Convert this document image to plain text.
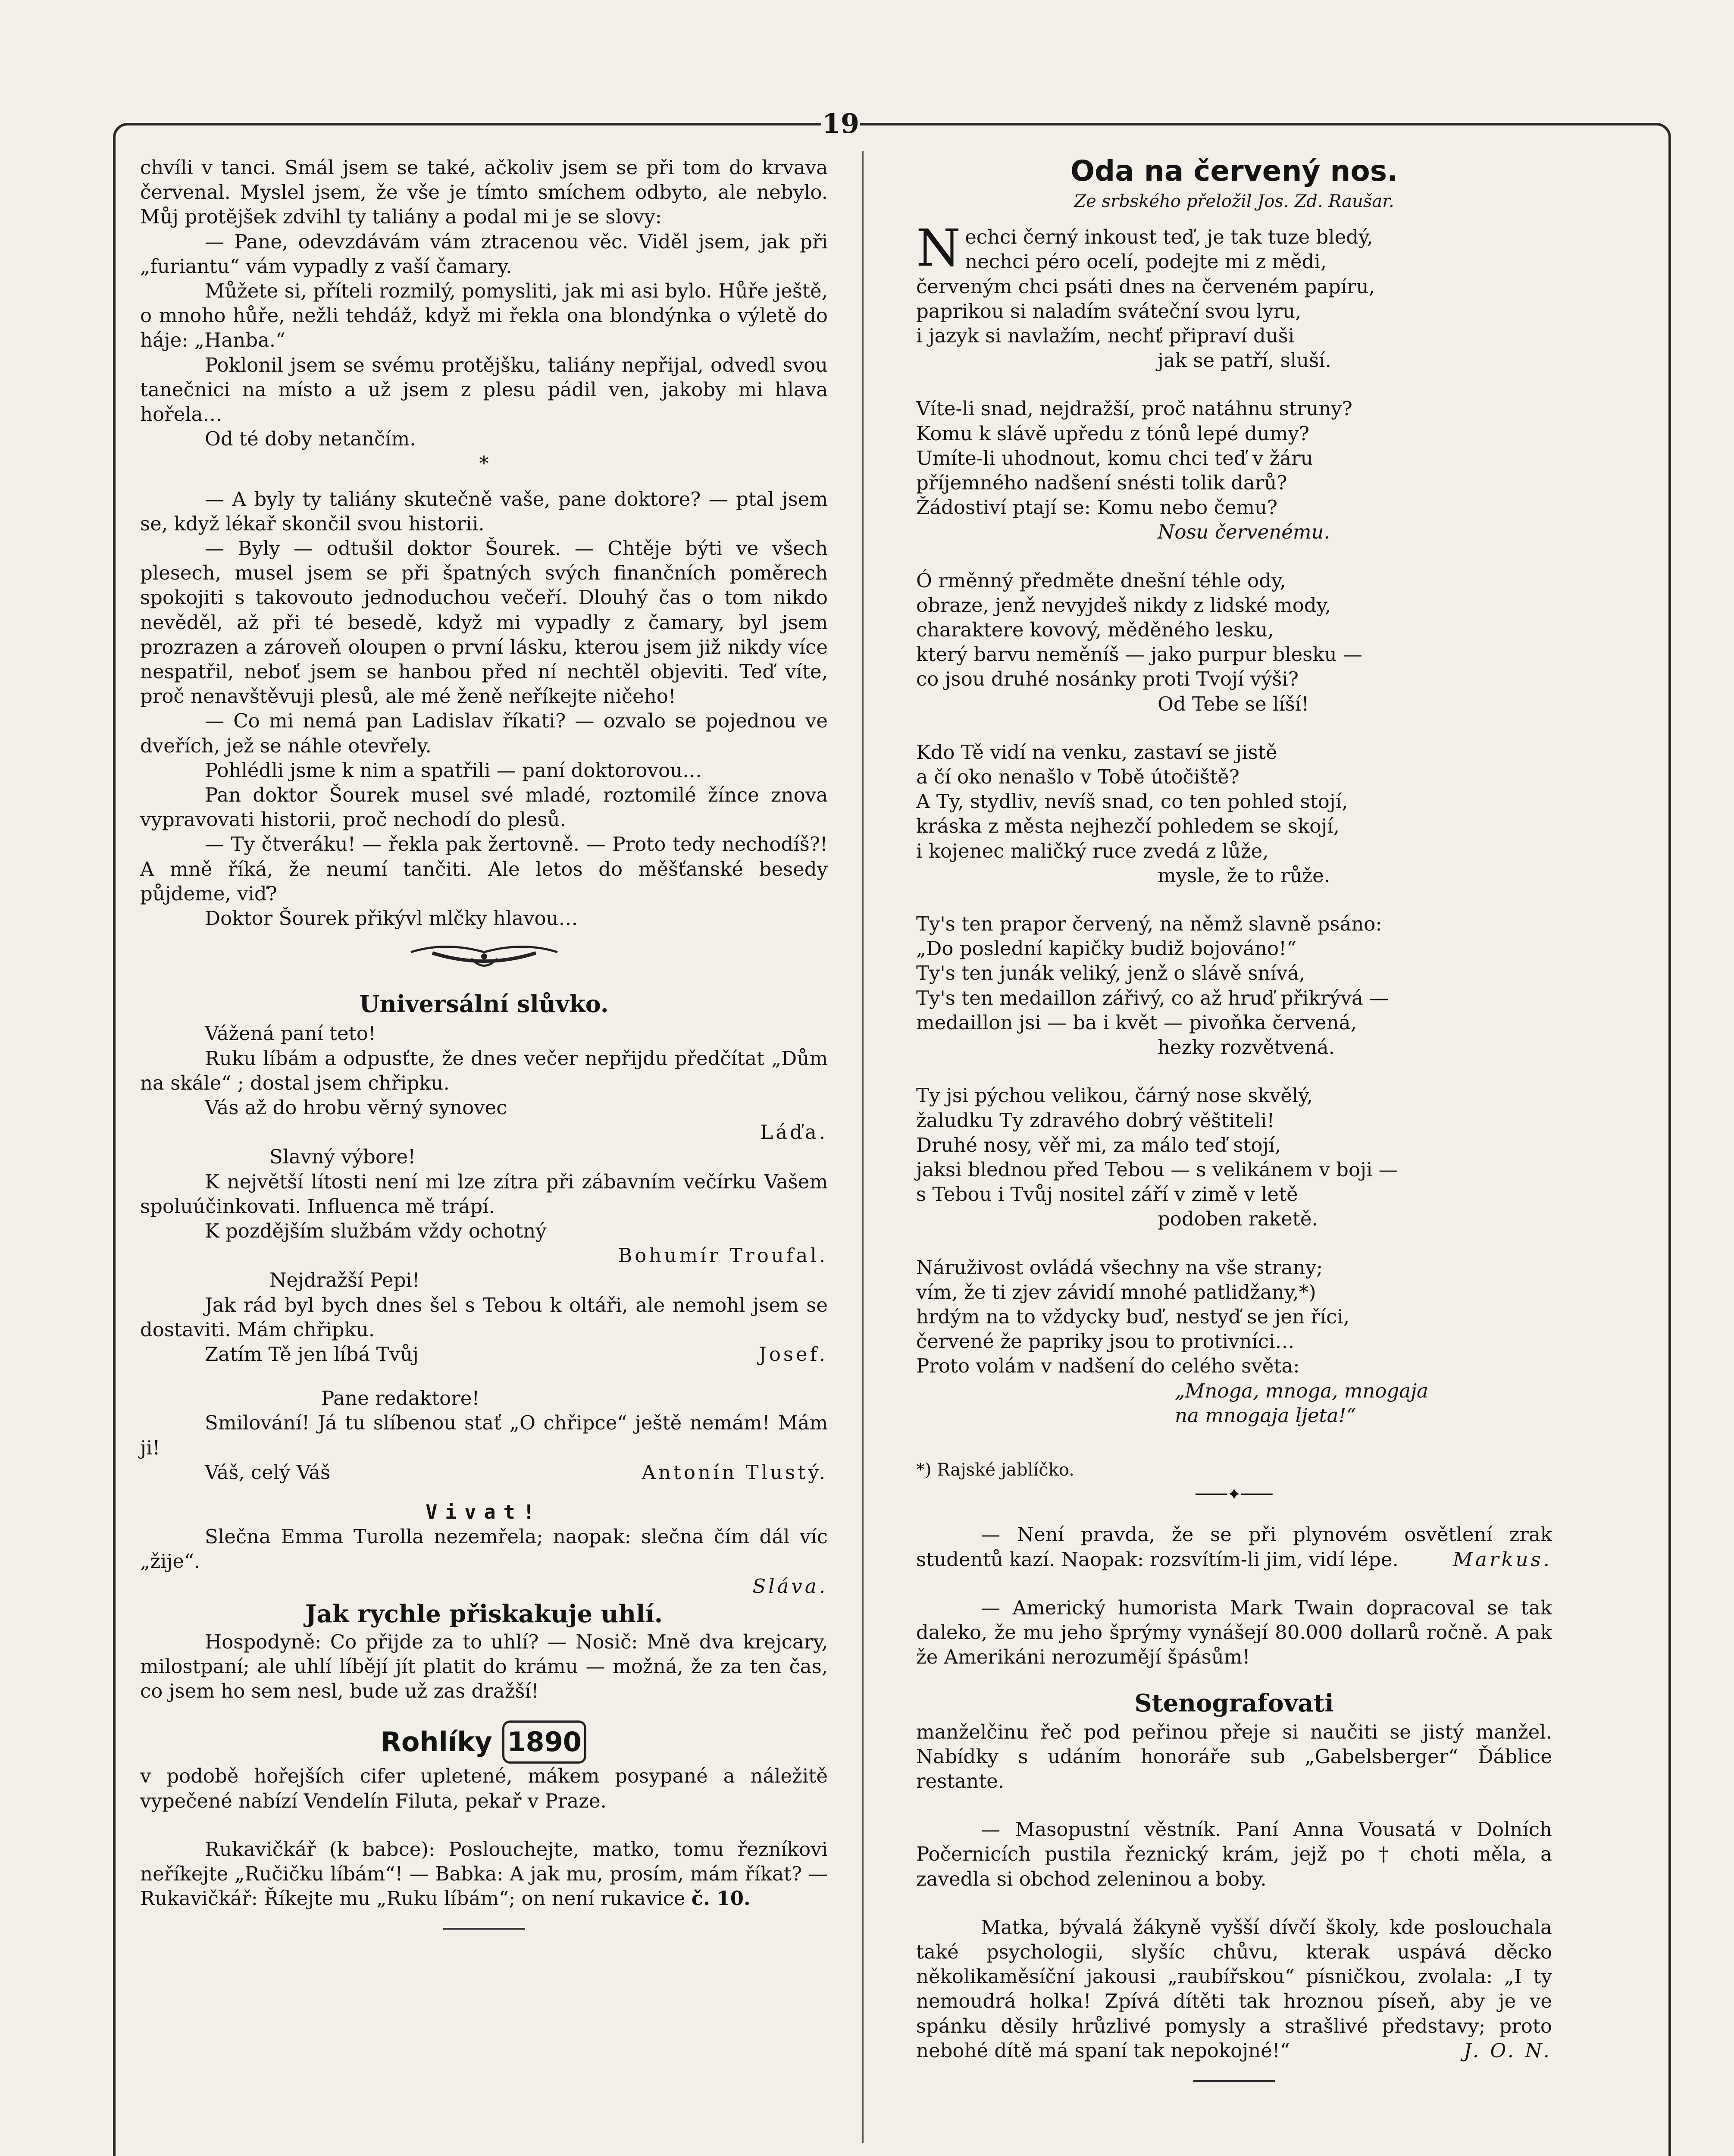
19

chvíli v tanci. Smál jsem se také, ačkoliv jsem se při tom do krvava červenal. Myslel jsem, že vše je tímto smíchem odbyto, ale nebylo. Můj protějšek zdvihl ty taliány a podal mi je se slovy:

— Pane, odevzdávám vám ztracenou věc. Viděl jsem, jak při „furiantu“ vám vypadly z vaší čamary.

Můžete si, příteli rozmilý, pomysliti, jak mi asi bylo. Hůře ještě, o mnoho hůře, nežli tehdáž, když mi řekla ona blondýnka o výletě do háje: „Hanba.“

Poklonil jsem se svému protějšku, taliány nepřijal, odvedl svou tanečnici na místo a už jsem z plesu pádil ven, jakoby mi hlava hořela…

Od té doby netančím.

*

— A byly ty taliány skutečně vaše, pane doktore? — ptal jsem se, když lékař skončil svou historii.

— Byly — odtušil doktor Šourek. — Chtěje býti ve všech plesech, musel jsem se při špatných svých finančních poměrech spokojiti s takovouto jednoduchou večeří. Dlouhý čas o tom nikdo nevěděl, až při té besedě, když mi vypadly z čamary, byl jsem prozrazen a zároveň oloupen o první lásku, kterou jsem již nikdy více nespatřil, neboť jsem se hanbou před ní nechtěl objeviti. Teď víte, proč nenavštěvuji plesů, ale mé ženě neříkejte ničeho!

— Co mi nemá pan Ladislav říkati? — ozvalo se pojednou ve dveřích, jež se náhle otevřely.

Pohlédli jsme k nim a spatřili — paní doktorovou…

Pan doktor Šourek musel své mladé, roztomilé žínce znova vypravovati historii, proč nechodí do plesů.

— Ty čtveráku! — řekla pak žertovně. — Proto tedy nechodíš?! A mně říká, že neumí tančiti. Ale letos do měšťanské besedy půjdeme, viď?

Doktor Šourek přikývl mlčky hlavou…

Universální slůvko.

Vážená paní teto!

Ruku líbám a odpusťte, že dnes večer nepřijdu předčítat „Dům na skále“ ; dostal jsem chřipku.

Vás až do hrobu věrný synovec

Láďa.

Slavný výbore!

K největší lítosti není mi lze zítra při zábavním večírku Vašem spoluúčinkovati. Influenca mě trápí.

K pozdějším službám vždy ochotný

Bohumír Troufal.

Nejdražší Pepi!

Jak rád byl bych dnes šel s Tebou k oltáři, ale nemohl jsem se dostaviti. Mám chřipku.

Zatím Tě jen líbá Tvůj	Josef.

Pane redaktore!

Smilování! Já tu slíbenou stať „O chřipce“ ještě nemám! Mám ji!

Váš, celý Váš	Antonín Tlustý.

Vivat!

Slečna Emma Turolla nezemřela; naopak: slečna čím dál víc „žije“.

Sláva.

Jak rychle přiskakuje uhlí.

Hospodyně: Co přijde za to uhlí? — Nosič: Mně dva krejcary, milostpaní; ale uhlí líbějí jít platit do krámu — možná, že za ten čas, co jsem ho sem nesl, bude už zas dražší!

Rohlíky 1890

v podobě hořejších cifer upletené, mákem posypané a náležitě vypečené nabízí Vendelín Filuta, pekař v Praze.

Rukavičkář (k babce): Poslouchejte, matko, tomu řezníkovi neříkejte „Ručičku líbám“! — Babka: A jak mu, prosím, mám říkat? — Rukavičkář: Říkejte mu „Ruku líbám“; on není rukavice č. 10.

Oda na červený nos.

Ze srbského přeložil Jos. Zd. Raušar.

N echci černý inkoust teď, je tak tuze bledý,

nechci péro ocelí, podejte mi z mědi,

červeným chci psáti dnes na červeném papíru,

paprikou si naladím sváteční svou lyru,

i jazyk si navlažím, nechť připraví duši

jak se patří, sluší.

Víte-li snad, nejdražší, proč natáhnu struny?

Komu k slávě upředu z tónů lepé dumy?

Umíte-li uhodnout, komu chci teď v žáru

příjemného nadšení snésti tolik darů?

Žádostiví ptají se: Komu nebo čemu?

Nosu červenému.

Ó rměnný předměte dnešní téhle ody,

obraze, jenž nevyjdeš nikdy z lidské mody,

charaktere kovový, měděného lesku,

který barvu neměníš — jako purpur blesku —

co jsou druhé nosánky proti Tvojí výši?

Od Tebe se líší!

Kdo Tě vidí na venku, zastaví se jistě

a čí oko nenašlo v Tobě útočiště?

A Ty, stydliv, nevíš snad, co ten pohled stojí,

kráska z města nejhezčí pohledem se skojí,

i kojenec maličký ruce zvedá z lůže,

mysle, že to růže.

Ty's ten prapor červený, na němž slavně psáno:

„Do poslední kapičky budiž bojováno!“

Ty's ten junák veliký, jenž o slávě snívá,

Ty's ten medaillon zářivý, co až hruď přikrývá —

medaillon jsi — ba i květ — pivoňka červená,

hezky rozvětvená.

Ty jsi pýchou velikou, čárný nose skvělý,

žaludku Ty zdravého dobrý věštiteli!

Druhé nosy, věř mi, za málo teď stojí,

jaksi blednou před Tebou — s velikánem v boji —

s Tebou i Tvůj nositel září v zimě v letě

podoben raketě.

Náruživost ovládá všechny na vše strany;

vím, že ti zjev závidí mnohé patlidžany,*)

hrdým na to vždycky buď, nestyď se jen říci,

červené že papriky jsou to protivníci…

Proto volám v nadšení do celého světa:

„Mnoga, mnoga, mnogaja

na mnogaja ljeta!“

*) Rajské jablíčko.

───✦───

— Není pravda, že se při plynovém osvětlení zrak studentů kazí. Naopak: rozsvítím-li jim, vidí lépe.	Markus.

— Americký humorista Mark Twain dopracoval se tak daleko, že mu jeho šprýmy vynášejí 80.000 dollarů ročně. A pak že Amerikáni nerozumějí špásům!

Stenografovati

manželčinu řeč pod peřinou přeje si naučiti se jistý manžel. Nabídky s udáním honoráře sub „Gabelsberger“ Ďáblice restante.

— Masopustní věstník. Paní Anna Vousatá v Dolních Počernicích pustila řeznický krám, jejž po † choti měla, a zavedla si obchod zeleninou a boby.

Matka, bývalá žákyně vyšší dívčí školy, kde poslouchala také psychologii, slyšíc chůvu, kterak uspává děcko několikaměsíční jakousi „raubířskou“ písničkou, zvolala: „I ty nemoudrá holka! Zpívá dítěti tak hroznou píseň, aby je ve spánku děsily hrůzlivé pomysly a strašlivé představy; proto nebohé dítě má spaní tak nepokojné!“	J. O. N.
